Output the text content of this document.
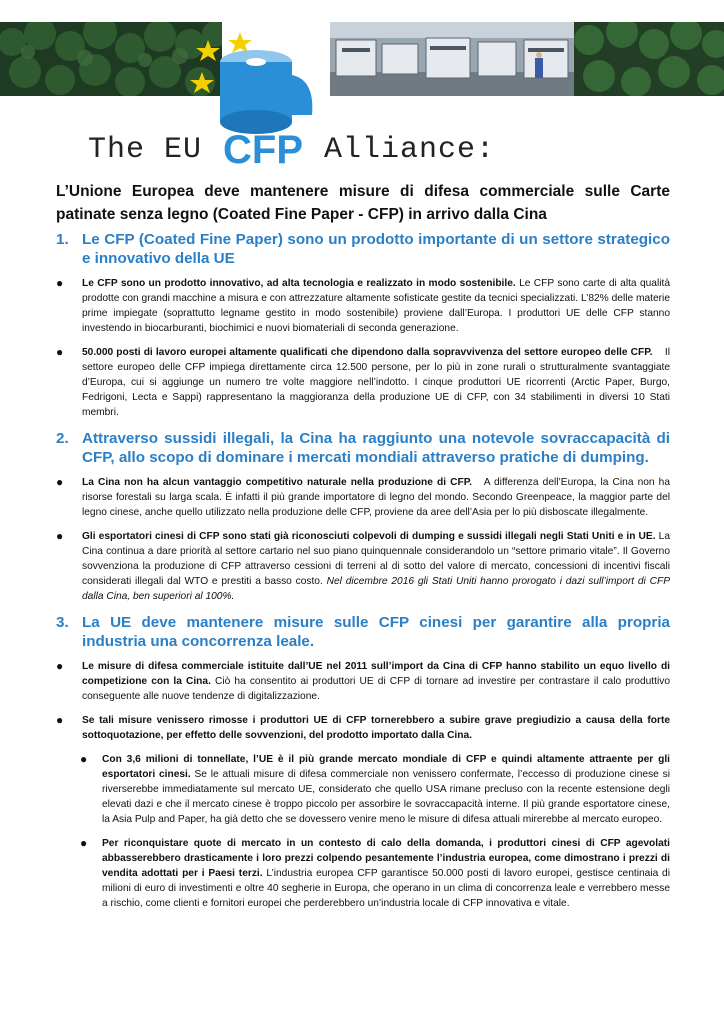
The EU CFP Alliance:
L’Unione Europea deve mantenere misure di difesa commerciale sulle Carte patinate senza legno (Coated Fine Paper - CFP) in arrivo dalla Cina
1. Le CFP (Coated Fine Paper) sono un prodotto importante di un settore strategico e innovativo della UE
●	Le CFP sono un prodotto innovativo, ad alta tecnologia e realizzato in modo sostenibile. Le CFP sono carte di alta qualità prodotte con grandi macchine a misura e con attrezzature altamente sofisticate gestite da tecnici specializzati. L’82% delle materie prime impiegate (soprattutto legname gestito in modo sostenibile) proviene dall’Europa. I produttori UE delle CFP stanno investendo in biocarburanti, biochimici e nuovi biomateriali di seconda generazione.
●	50.000 posti di lavoro europei altamente qualificati che dipendono dalla sopravvivenza del settore europeo delle CFP.    Il settore europeo delle CFP impiega direttamente circa 12.500 persone, per lo più in zone rurali o strutturalmente svantaggiate d’Europa, cui si aggiunge un numero tre volte maggiore nell’indotto. I cinque produttori UE ricorrenti (Arctic Paper, Burgo, Fedrigoni, Lecta e Sappi) rappresentano la maggioranza della produzione UE di CFP, con 34 stabilimenti in diversi 10 Stati membri.
2. Attraverso sussidi illegali, la Cina ha raggiunto una notevole sovraccapacità di CFP, allo scopo di dominare i mercati mondiali attraverso pratiche di dumping.
●	La Cina non ha alcun vantaggio competitivo naturale nella produzione di CFP.   A differenza dell’Europa, la Cina non ha risorse forestali su larga scala. È infatti il più grande importatore di legno del mondo. Secondo Greenpeace, la maggior parte del legno cinese, anche quello utilizzato nella produzione delle CFP, proviene da aree dell’Asia per lo più disboscate illegalmente.
●	Gli esportatori cinesi di CFP sono stati già riconosciuti colpevoli di dumping e sussidi illegali negli Stati Uniti e in UE. La Cina continua a dare priorità al settore cartario nel suo piano quinquennale considerandolo un “settore primario vitale”. Il Governo sovvenziona la produzione di CFP attraverso cessioni di terreni al di sotto del valore di mercato, concessioni di incentivi fiscali considerati illegali dal WTO e prestiti a basso costo. Nel dicembre 2016 gli Stati Uniti hanno prorogato i dazi sull’import di CFP dalla Cina, ben superiori al 100%.
3. La UE deve mantenere misure sulle CFP cinesi per garantire alla propria industria una concorrenza leale.
●	Le misure di difesa commerciale istituite dall’UE nel 2011 sull’import da Cina di CFP hanno stabilito un equo livello di competizione con la Cina. Ciò ha consentito ai produttori UE di CFP di tornare ad investire per contrastare il calo produttivo conseguente alle nuove tendenze di digitalizzazione.
●	Se tali misure venissero rimosse i produttori UE di CFP tornerebbero a subire grave pregiudizio a causa della forte sottoquotazione, per effetto delle sovvenzioni, del prodotto importato dalla Cina.
●	Con 3,6 milioni di tonnellate, l’UE è il più grande mercato mondiale di CFP e quindi altamente attraente per gli esportatori cinesi. Se le attuali misure di difesa commerciale non venissero confermate, l’eccesso di produzione cinese si riverserebbe immediatamente sul mercato UE, considerato che quello USA rimane precluso con la recente estensione degli elevati dazi e che il mercato cinese è troppo piccolo per assorbire le sovraccapacità interne. Il più grande esportatore cinese, la Asia Pulp and Paper, ha già detto che se dovessero venire meno le misure di difesa attuali mirerebbe al mercato europeo.
●	Per riconquistare quote di mercato in un contesto di calo della domanda, i produttori cinesi di CFP agevolati abbasserebbero drasticamente i loro prezzi colpendo pesantemente l’industria europea, come dimostrano i prezzi di vendita adottati per i Paesi terzi. L’industria europea CFP garantisce 50.000 posti di lavoro europei, gestisce centinaia di milioni di euro di investimenti e oltre 40 segherie in Europa, che operano in un clima di concorrenza leale e verrebbero messe a rischio, come clienti e fornitori europei che perderebbero un’industria locale di CFP innovativa e vitale.
